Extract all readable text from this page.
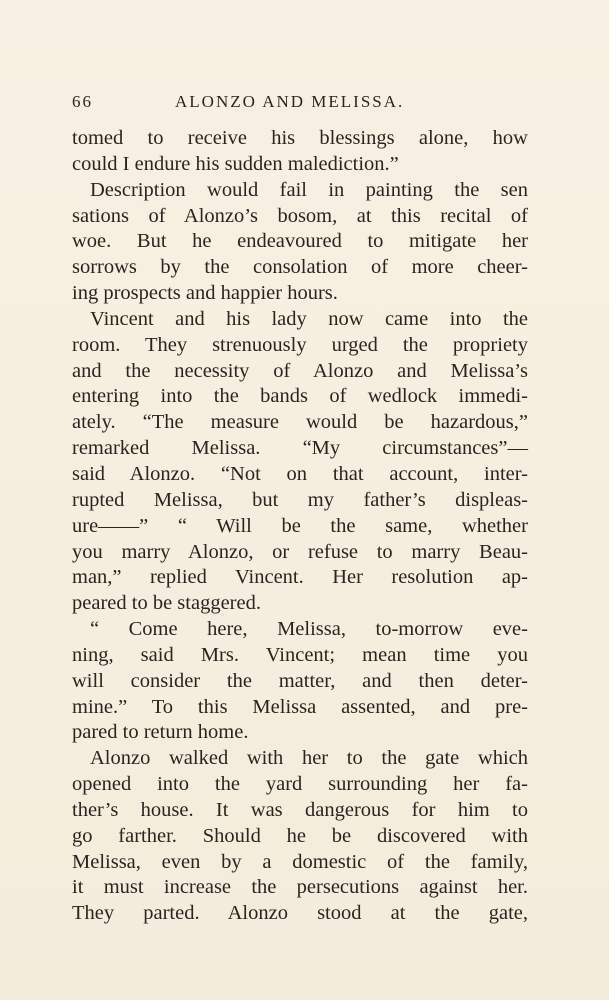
66	ALONZO AND MELISSA.
tomed to receive his blessings alone, how
could I endure his sudden malediction.”
Description would fail in painting the sen
sations of Alonzo’s bosom, at this recital of
woe. But he endeavoured to mitigate her
sorrows by the consolation of more cheer-
ing prospects and happier hours.
Vincent and his lady now came into the
room. They strenuously urged the propriety
and the necessity of Alonzo and Melissa’s
entering into the bands of wedlock immedi-
ately. “The measure would be hazardous,”
remarked Melissa. “My circumstances”—
said Alonzo. “Not on that account, inter-
rupted Melissa, but my father’s displeas-
ure——” “ Will be the same, whether
you marry Alonzo, or refuse to marry Beau-
man,” replied Vincent. Her resolution ap-
peared to be staggered.
“ Come here, Melissa, to-morrow eve-
ning, said Mrs. Vincent; mean time you
will consider the matter, and then deter-
mine.” To this Melissa assented, and pre-
pared to return home.
Alonzo walked with her to the gate which
opened into the yard surrounding her fa-
ther’s house. It was dangerous for him to
go farther. Should he be discovered with
Melissa, even by a domestic of the family,
it must increase the persecutions against her.
They parted. Alonzo stood at the gate,
